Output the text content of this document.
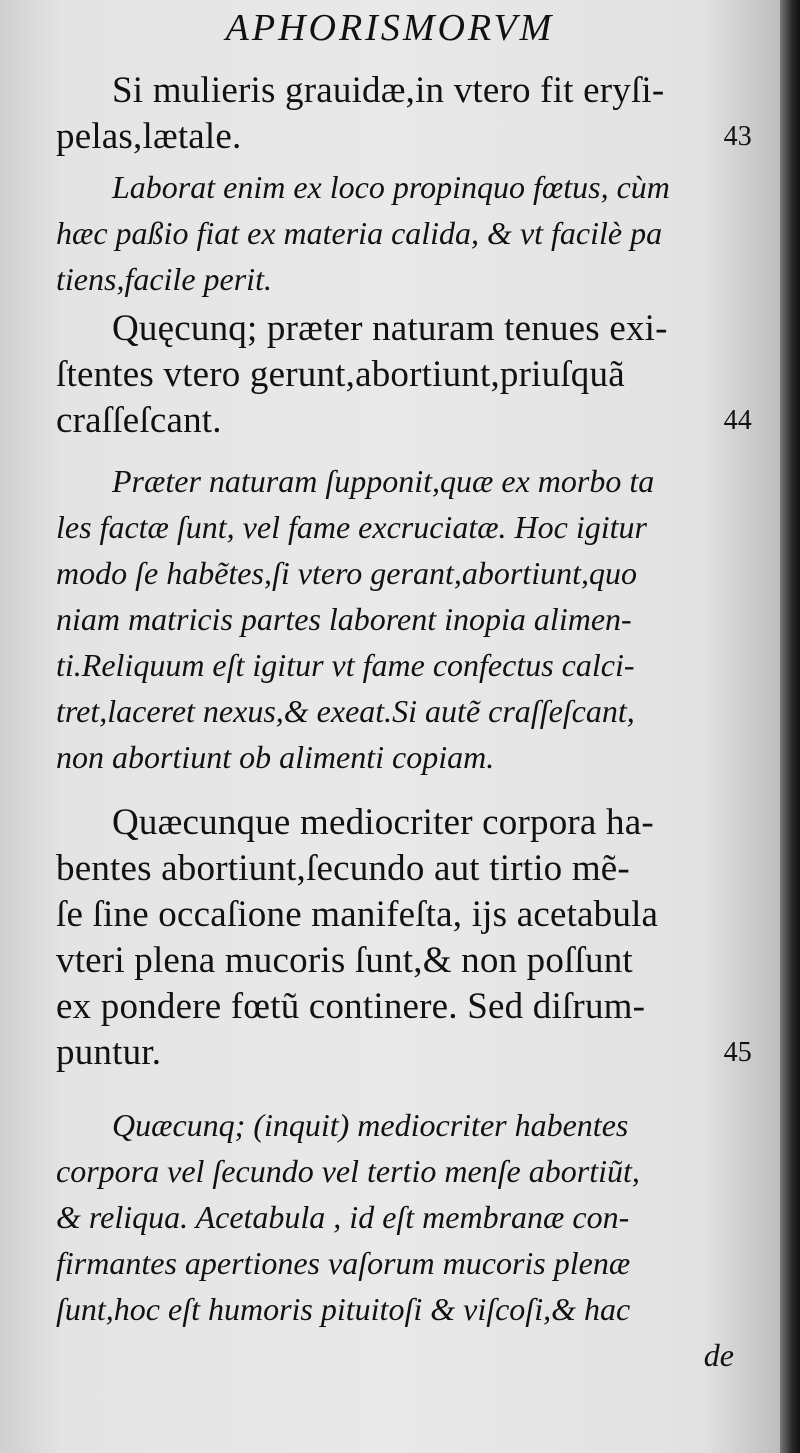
APHORISMORVM
Si mulieris grauidæ,in vtero fit eryſi-
pelas,lætale.	43
Laborat enim ex loco propinquo fœtus, cùm
hæc paßio fiat ex materia calida, & vt facilè pa
tiens,facile perit.
Quęcunq; præter naturam tenues exi-
ſtentes vtero gerunt,abortiunt,priuſquã
craſſeſcant.	44
Præter naturam ſupponit,quæ ex morbo ta
les factæ ſunt, vel fame excruciatæ. Hoc igitur
modo ſe habẽtes,ſi vtero gerant,abortiunt,quo
niam matricis partes laborent inopia alimen-
ti.Reliquum eſt igitur vt fame confectus calci-
tret,laceret nexus,& exeat.Si autẽ craſſeſcant,
non abortiunt ob alimenti copiam.
Quæcunque mediocriter corpora ha-
bentes abortiunt,ſecundo aut tirtio mẽ-
ſe ſine occaſione manifeſta, ijs acetabula
vteri plena mucoris ſunt,& non poſſunt
ex pondere fœtũ continere. Sed diſrum-
puntur.	45
Quæcunq; (inquit) mediocriter habentes
corpora vel ſecundo vel tertio menſe abortiũt,
& reliqua. Acetabula , id eſt membranæ con-
firmantes apertiones vaſorum mucoris plenæ
ſunt,hoc eſt humoris pituitoſi & viſcoſi,& hac
de
